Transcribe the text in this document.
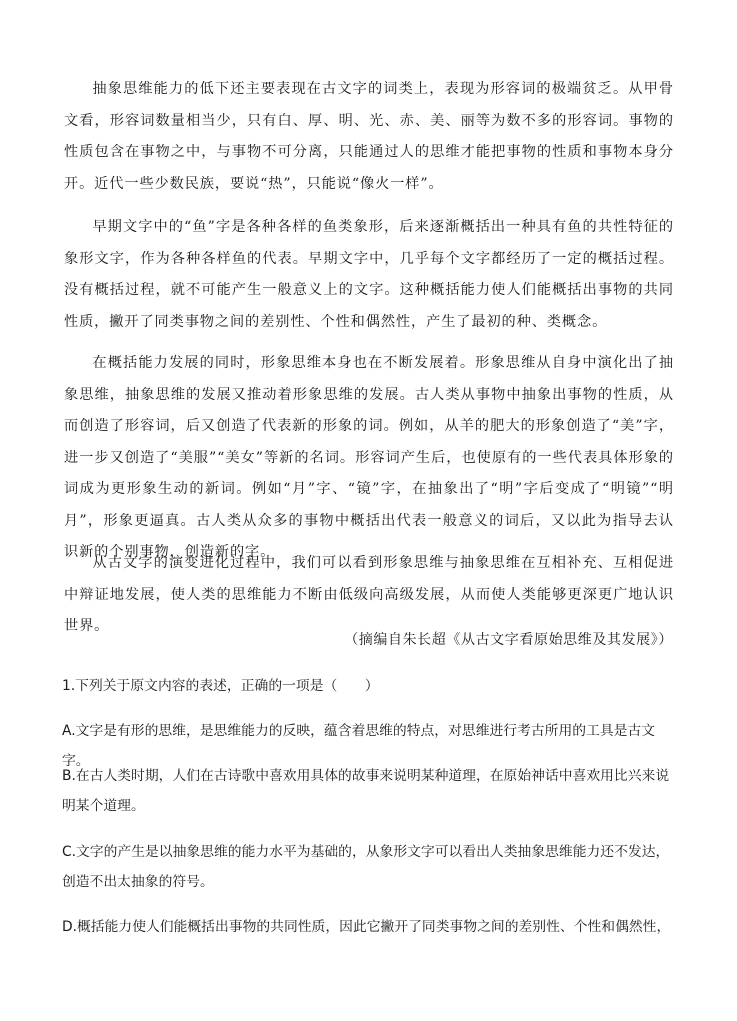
抽象思维能力的低下还主要表现在古文字的词类上，表现为形容词的极端贫乏。从甲骨文看，形容词数量相当少，只有白、厚、明、光、赤、美、丽等为数不多的形容词。事物的性质包含在事物之中，与事物不可分离，只能通过人的思维才能把事物的性质和事物本身分开。近代一些少数民族，要说“热”，只能说“像火一样”。

早期文字中的“鱼”字是各种各样的鱼类象形，后来逐渐概括出一种具有鱼的共性特征的象形文字，作为各种各样鱼的代表。早期文字中，几乎每个文字都经历了一定的概括过程。没有概括过程，就不可能产生一般意义上的文字。这种概括能力使人们能概括出事物的共同性质，撇开了同类事物之间的差别性、个性和偶然性，产生了最初的种、类概念。

在概括能力发展的同时，形象思维本身也在不断发展着。形象思维从自身中演化出了抽象思维，抽象思维的发展又推动着形象思维的发展。古人类从事物中抽象出事物的性质，从而创造了形容词，后又创造了代表新的形象的词。例如，从羊的肥大的形象创造了“美”字，进一步又创造了“美服”“美女”等新的名词。形容词产生后，也使原有的一些代表具体形象的词成为更形象生动的新词。例如“月”字、“镜”字，在抽象出了“明”字后变成了“明镜”“明月”，形象更逼真。古人类从众多的事物中概括出代表一般意义的词后，又以此为指导去认识新的个别事物，创造新的字。

从古文字的演变进化过程中，我们可以看到形象思维与抽象思维在互相补充、互相促进中辩证地发展，使人类的思维能力不断由低级向高级发展，从而使人类能够更深更广地认识世界。

（摘编自朱长超《从古文字看原始思维及其发展》）

1.下列关于原文内容的表述，正确的一项是（　　）

A.文字是有形的思维，是思维能力的反映，蕴含着思维的特点，对思维进行考古所用的工具是古文字。

B.在古人类时期，人们在古诗歌中喜欢用具体的故事来说明某种道理，在原始神话中喜欢用比兴来说明某个道理。

C.文字的产生是以抽象思维的能力水平为基础的，从象形文字可以看出人类抽象思维能力还不发达，创造不出太抽象的符号。

D.概括能力使人们能概括出事物的共同性质，因此它撇开了同类事物之间的差别性、个性和偶然性，
